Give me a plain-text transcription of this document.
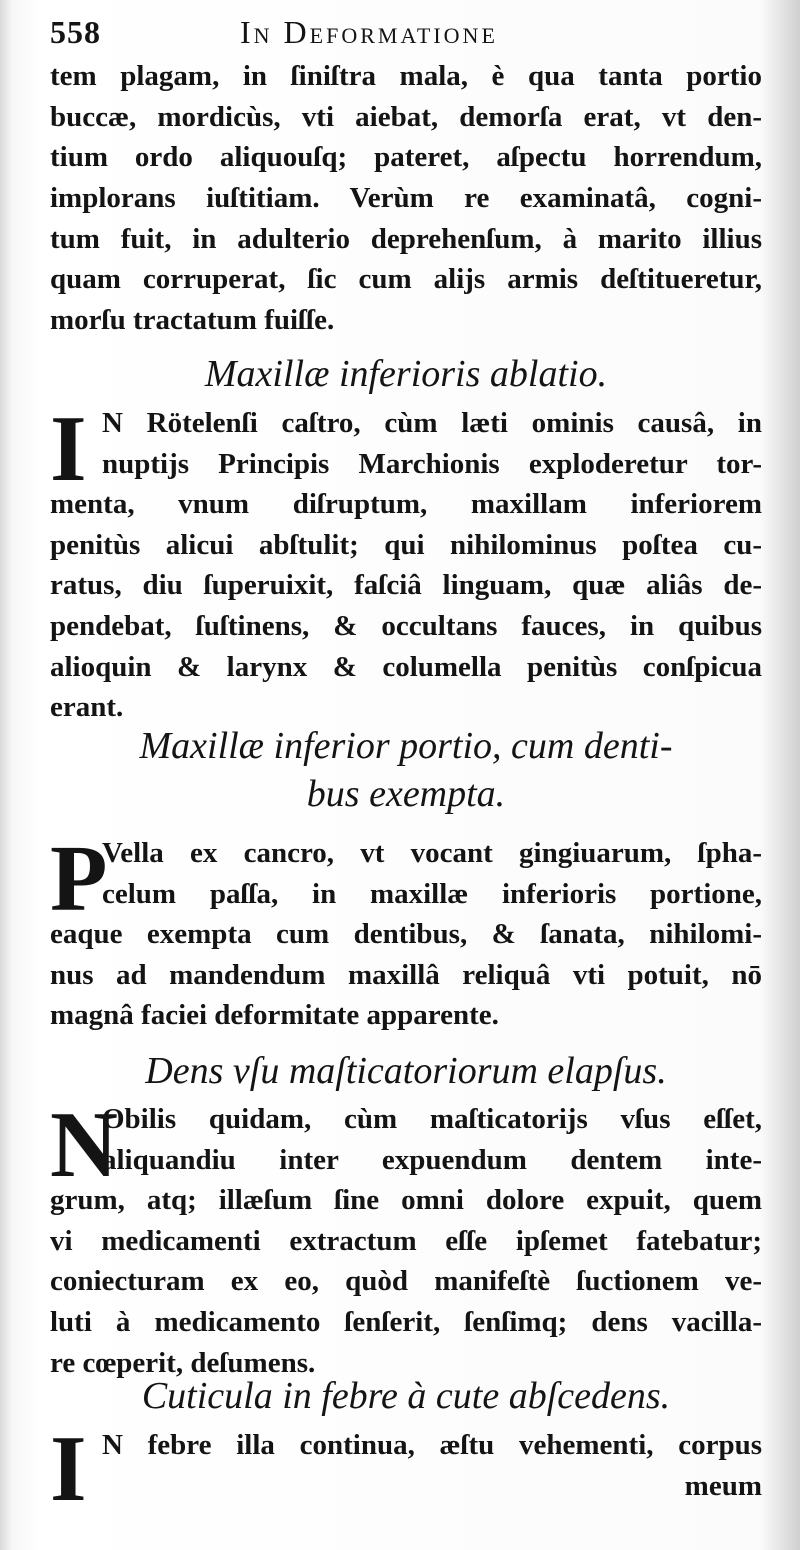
558	In Deformatione
tem plagam, in ſiniſtra mala, è qua tanta portio
buccæ, mordicùs, vti aiebat, demorſa erat, vt den-
tium ordo aliquouſq; pateret, aſpectu horrendum,
implorans iuſtitiam. Verùm re examinatâ, cogni-
tum fuit, in adulterio deprehenſum, à marito illius
quam corruperat, ſic cum alijs armis deſtitueretur,
morſu tractatum fuiſſe.
Maxillæ inferioris ablatio.
I N Rötelenſi caſtro, cùm læti ominis causâ, in
nuptijs Principis Marchionis exploderetur tor-
menta, vnum diſruptum, maxillam inferiorem
penitùs alicui abſtulit; qui nihilominus poſtea cu-
ratus, diu ſuperuixit, faſciâ linguam, quæ aliâs de-
pendebat, ſuſtinens, & occultans fauces, in quibus
alioquin & larynx & columella penitùs conſpicua
erant.
Maxillæ inferior portio, cum denti-
bus exempta.
P
Vella ex cancro, vt vocant gingiuarum, ſpha-
celum paſſa, in maxillæ inferioris portione,
eaque exempta cum dentibus, & ſanata, nihilomi-
nus ad mandendum maxillâ reliquâ vti potuit, nō
magnâ faciei deformitate apparente.
Dens vſu maſticatoriorum elapſus.
N
Obilis quidam, cùm maſticatorijs vſus eſſet,
aliquandiu inter expuendum dentem inte-
grum, atq; illæſum ſine omni dolore expuit, quem
vi medicamenti extractum eſſe ipſemet fatebatur;
coniecturam ex eo, quòd manifeſtè ſuctionem ve-
luti à medicamento ſenſerit, ſenſimq; dens vacilla-
re cœperit, deſumens.
Cuticula in febre à cute abſcedens.
I N febre illa continua, æſtu vehementi, corpus
meum
